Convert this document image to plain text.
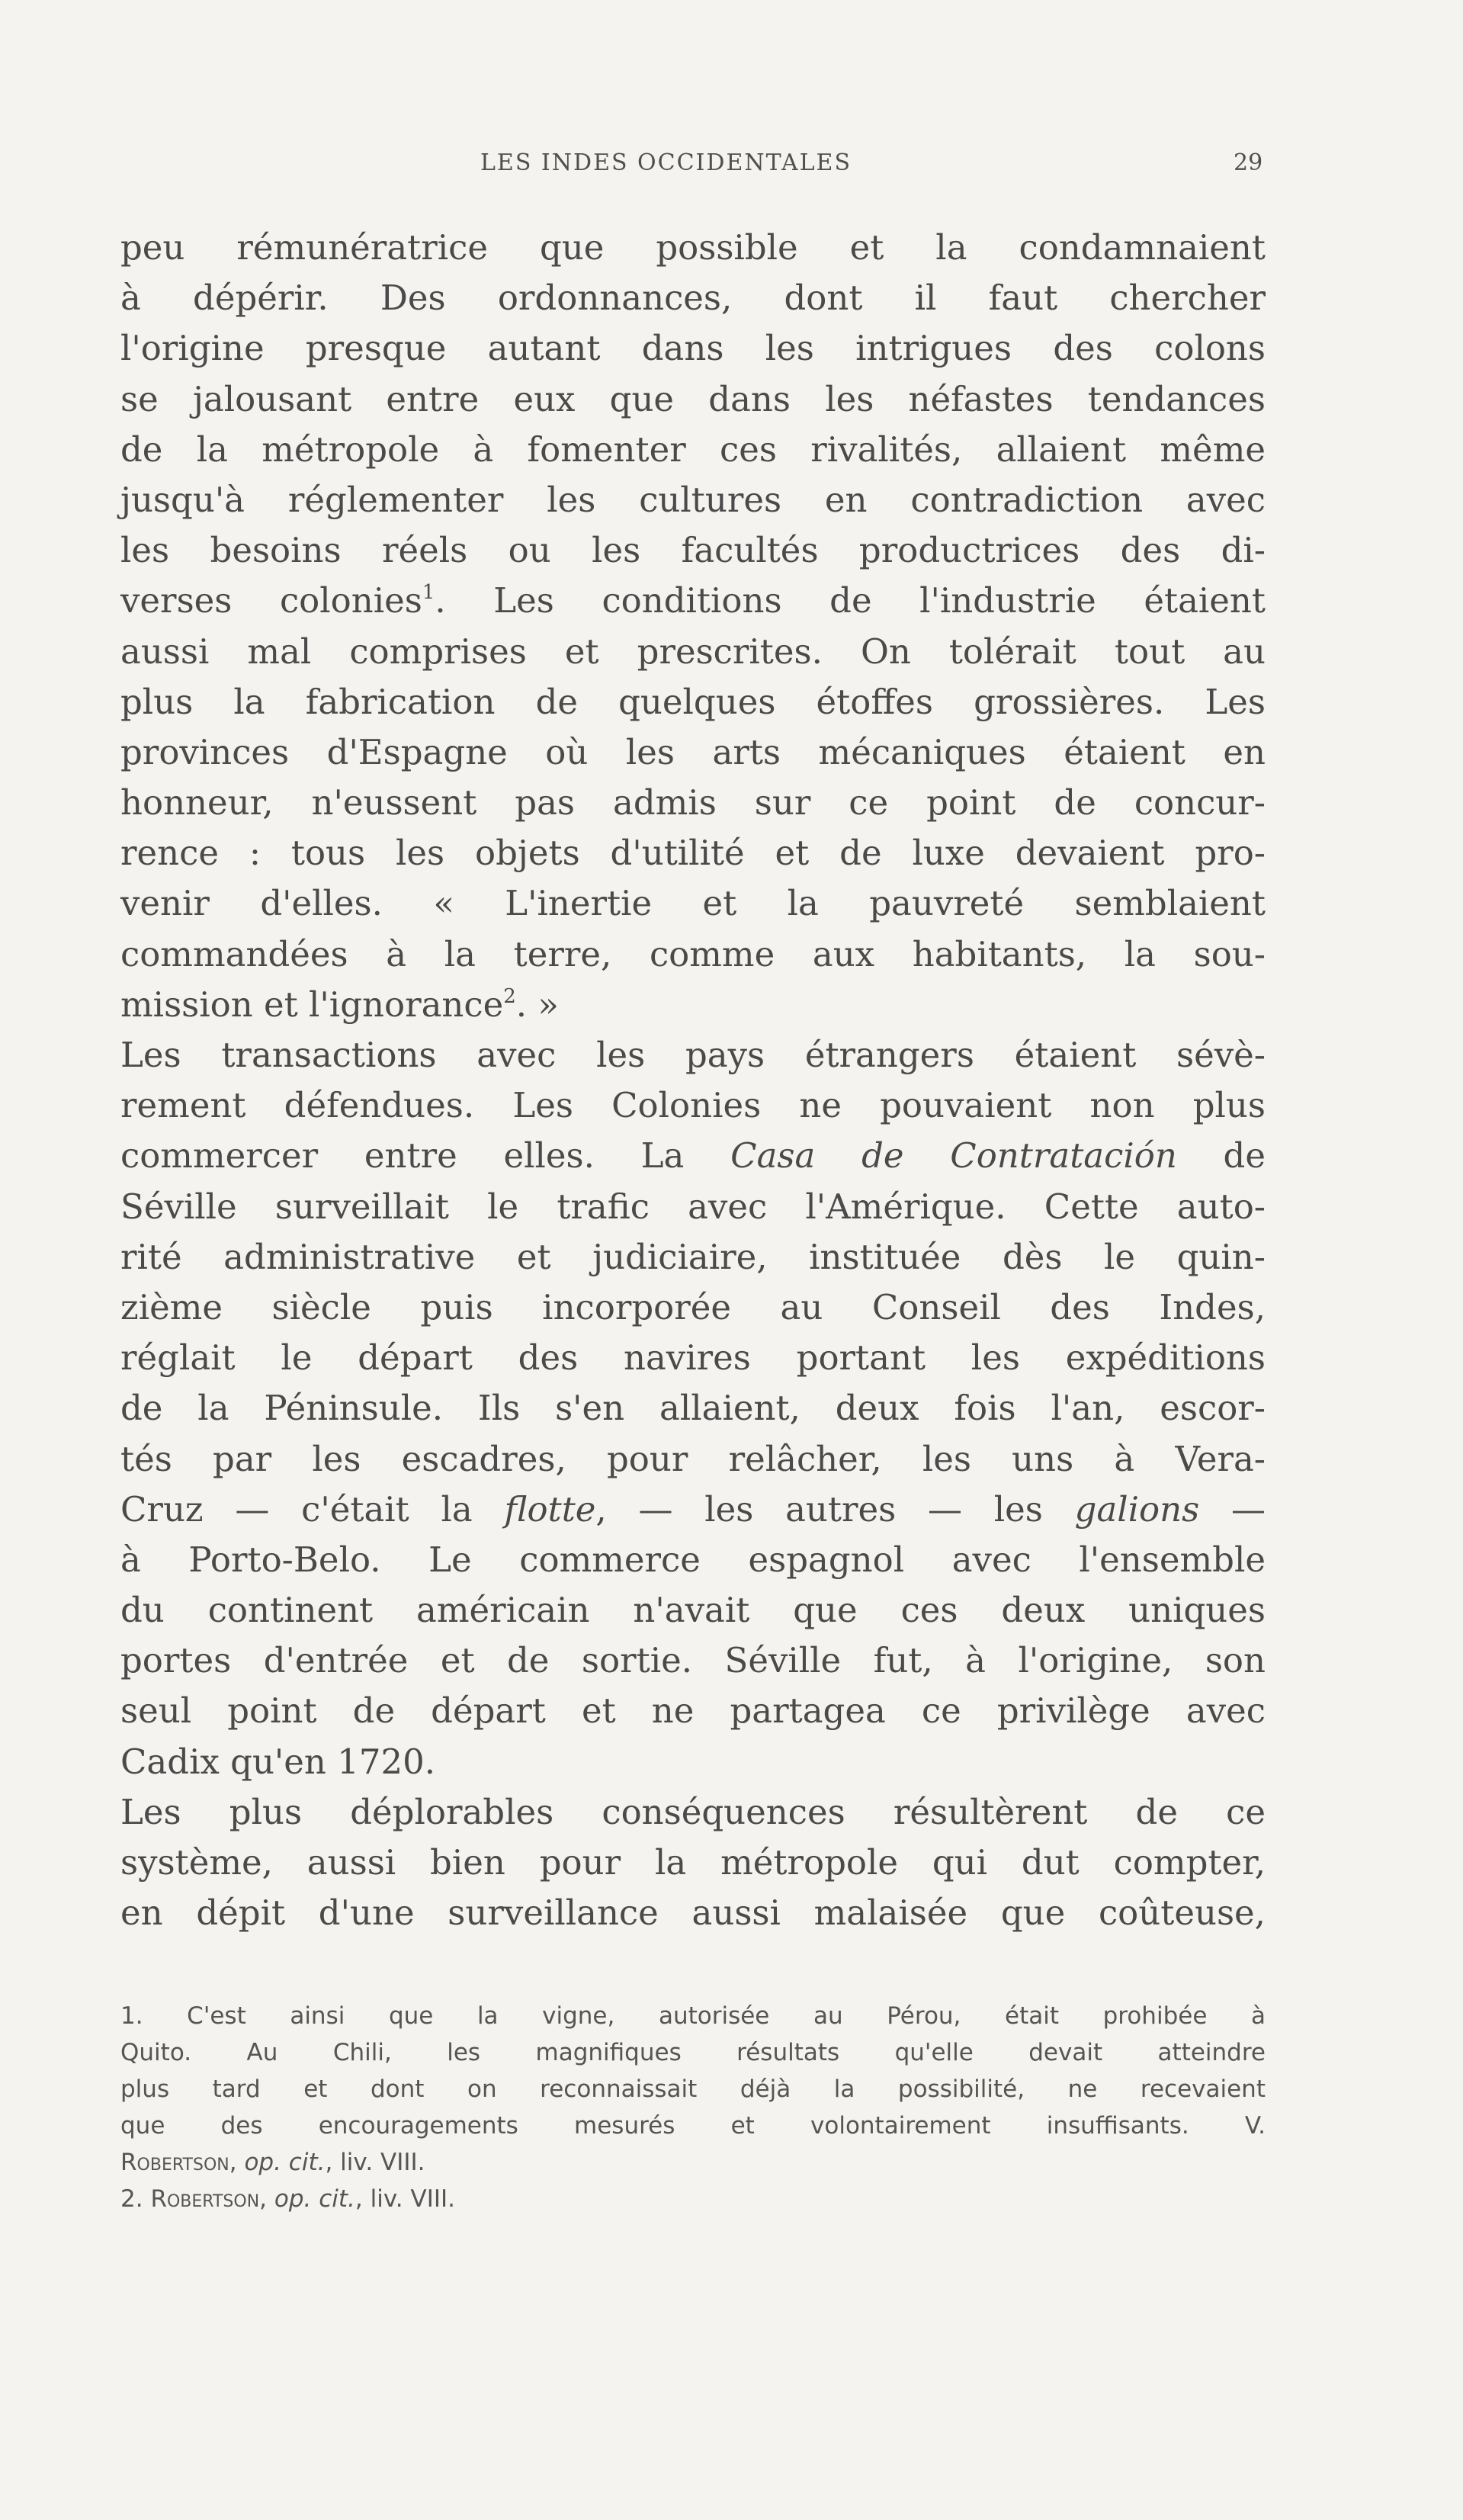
LES INDES OCCIDENTALES	29
peu rémunératrice que possible et la condamnaient
à dépérir. Des ordonnances, dont il faut chercher
l'origine presque autant dans les intrigues des colons
se jalousant entre eux que dans les néfastes tendances
de la métropole à fomenter ces rivalités, allaient même
jusqu'à réglementer les cultures en contradiction avec
les besoins réels ou les facultés productrices des di-
verses colonies$^1$. Les conditions de l'industrie étaient
aussi mal comprises et prescrites. On tolérait tout au
plus la fabrication de quelques étoffes grossières. Les
provinces d'Espagne où les arts mécaniques étaient en
honneur, n'eussent pas admis sur ce point de concur-
rence : tous les objets d'utilité et de luxe devaient pro-
venir d'elles. « L'inertie et la pauvreté semblaient
commandées à la terre, comme aux habitants, la sou-
mission et l'ignorance$^2$. »
Les transactions avec les pays étrangers étaient sévè-
rement défendues. Les Colonies ne pouvaient non plus
commercer entre elles. La Casa de Contratación de
Séville surveillait le trafic avec l'Amérique. Cette auto-
rité administrative et judiciaire, instituée dès le quin-
zième siècle puis incorporée au Conseil des Indes,
réglait le départ des navires portant les expéditions
de la Péninsule. Ils s'en allaient, deux fois l'an, escor-
tés par les escadres, pour relâcher, les uns à Vera-
Cruz — c'était la flotte, — les autres — les galions —
à Porto-Belo. Le commerce espagnol avec l'ensemble
du continent américain n'avait que ces deux uniques
portes d'entrée et de sortie. Séville fut, à l'origine, son
seul point de départ et ne partagea ce privilège avec
Cadix qu'en 1720.
Les plus déplorables conséquences résultèrent de ce
système, aussi bien pour la métropole qui dut compter,
en dépit d'une surveillance aussi malaisée que coûteuse,
1. C'est ainsi que la vigne, autorisée au Pérou, était prohibée à
Quito. Au Chili, les magnifiques résultats qu'elle devait atteindre
plus tard et dont on reconnaissait déjà la possibilité, ne recevaient
que des encouragements mesurés et volontairement insuffisants. V.
Robertson, op. cit., liv. VIII.
2. Robertson, op. cit., liv. VIII.
